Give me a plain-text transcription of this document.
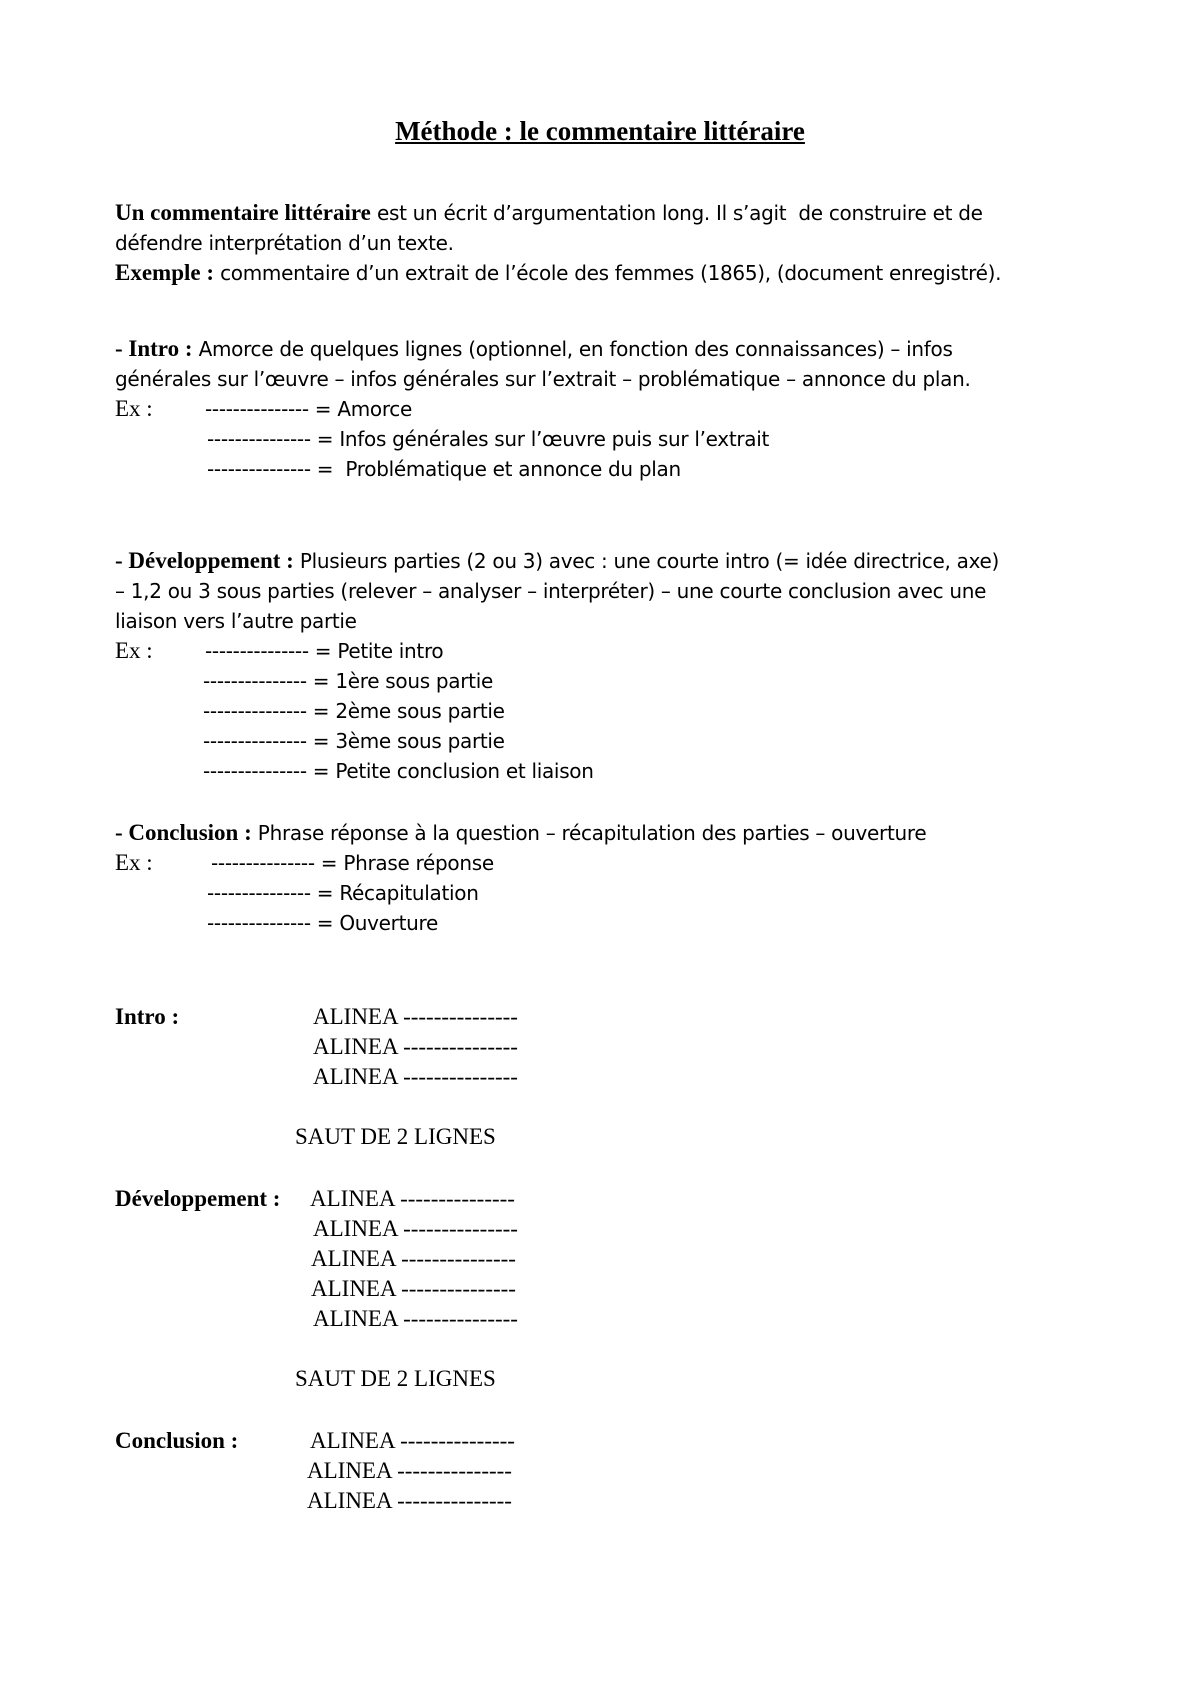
Méthode : le commentaire littéraire
Un commentaire littéraire est un écrit d’argumentation long. Il s’agit  de construire et de
défendre interprétation d’un texte.
Exemple : commentaire d’un extrait de l’école des femmes (1865), (document enregistré).
- Intro : Amorce de quelques lignes (optionnel, en fonction des connaissances) – infos
générales sur l’œuvre – infos générales sur l’extrait – problématique – annonce du plan.
Ex :	--------------- = Amorce
--------------- = Infos générales sur l’œuvre puis sur l’extrait
--------------- =  Problématique et annonce du plan
- Développement : Plusieurs parties (2 ou 3) avec : une courte intro (= idée directrice, axe)
– 1,2 ou 3 sous parties (relever – analyser – interpréter) – une courte conclusion avec une
liaison vers l’autre partie
Ex :	--------------- = Petite intro
--------------- = 1ère sous partie
--------------- = 2ème sous partie
--------------- = 3ème sous partie
--------------- = Petite conclusion et liaison
- Conclusion : Phrase réponse à la question – récapitulation des parties – ouverture
Ex :	--------------- = Phrase réponse
--------------- = Récapitulation
--------------- = Ouverture
Intro :	ALINEA ---------------
ALINEA ---------------
ALINEA ---------------
SAUT DE 2 LIGNES
Développement : ALINEA ---------------
ALINEA ---------------
ALINEA ---------------
ALINEA ---------------
ALINEA ---------------
SAUT DE 2 LIGNES
Conclusion :	ALINEA ---------------
ALINEA ---------------
ALINEA ---------------
